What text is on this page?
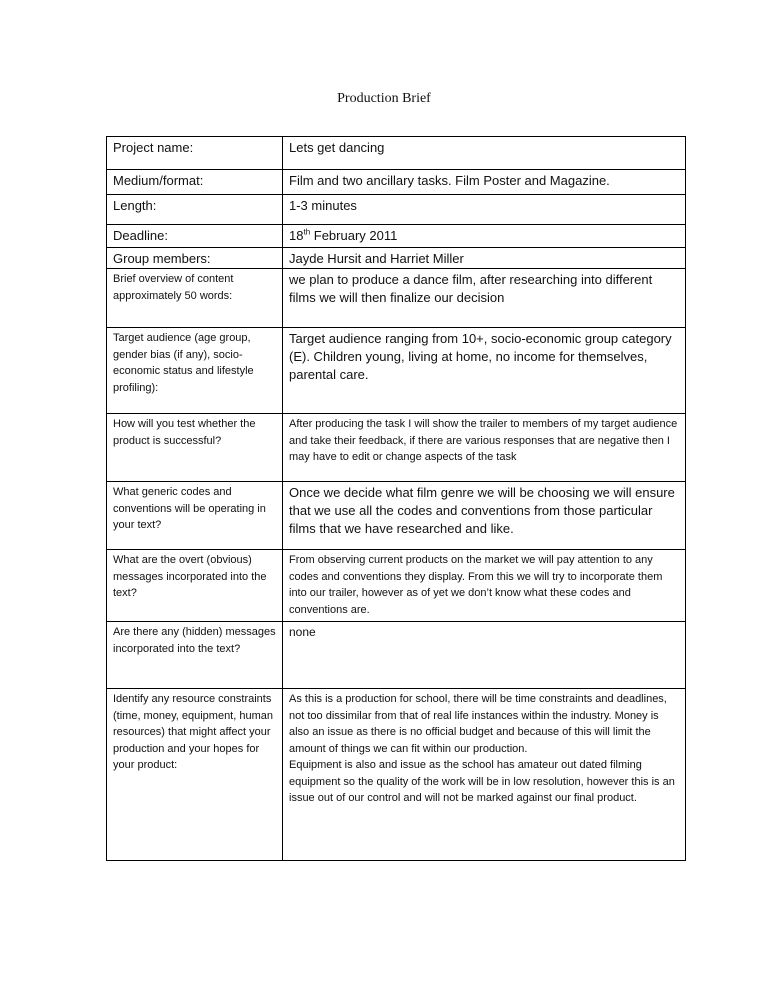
Production Brief
Project name:	Lets get dancing
Medium/format:	Film and two ancillary tasks. Film Poster and Magazine.
Length:	1-3 minutes
Deadline:	18th February 2011
Group members:	Jayde Hursit and Harriet Miller
Brief overview of content approximately 50 words:	we plan to produce a dance film, after researching into different films we will then finalize our decision
Target audience (age group, gender bias (if any), socio-economic status and lifestyle profiling):	Target audience ranging from 10+, socio-economic group category (E). Children young, living at home, no income for themselves, parental care.
How will you test whether the product is successful?	After producing the task I will show the trailer to members of my target audience and take their feedback, if there are various responses that are negative then I may have to edit or change aspects of the task
What generic codes and conventions will be operating in your text?	Once we decide what film genre we will be choosing we will ensure that we use all the codes and conventions from those particular films that we have researched and like.
What are the overt (obvious) messages incorporated into the text?	From observing current products on the market we will pay attention to any codes and conventions they display. From this we will try to incorporate them into our trailer, however as of yet we don’t know what these codes and conventions are.
Are there any (hidden) messages incorporated into the text?	none
Identify any resource constraints (time, money, equipment, human resources) that might affect your production and your hopes for your product:	As this is a production for school, there will be time constraints and deadlines, not too dissimilar from that of real life instances within the industry. Money is also an issue as there is no official budget and because of this will limit the amount of things we can fit within our production.
Equipment is also and issue as the school has amateur out dated filming equipment so the quality of the work will be in low resolution, however this is an issue out of our control and will not be marked against our final product.
